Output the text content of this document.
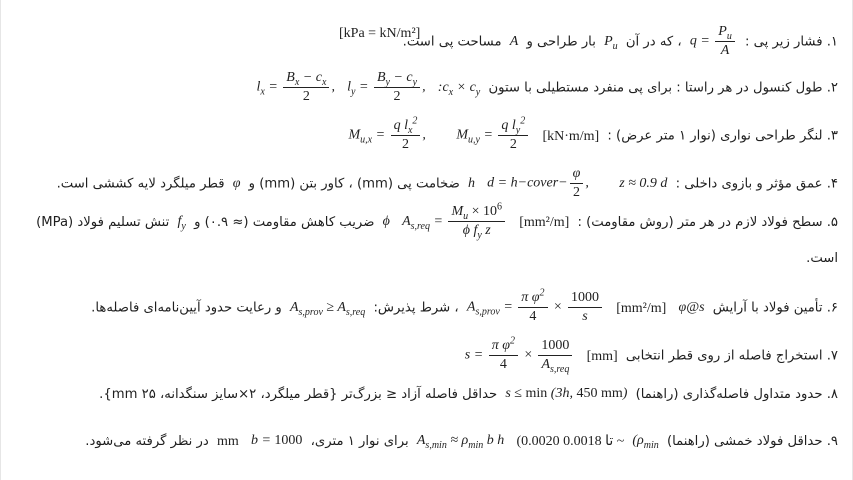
۱. فشار زیر پی : $q = \frac{P_u}{A}$
، که در آن $P_u$ بار طراحی و A مساحت پی است.
[kPa = kN/m²]
۲. طول کنسول در هر راستا : برای پی منفرد مستطیلی با ستون $:c_x \times c_y$ $l_y = \frac{B_y - c_y}{2}$ , $l_x = \frac{B_x - c_x}{2}$ ,
۳. لنگر طراحی نواری (نوار ۱ متر عرض) : [kN·m/m] $M_{u,y} = \frac{q l_y^2}{2}$
$M_{u,x} = \frac{q l_x^2}{2}$ ,
۴. عمق مؤثر و بازوی داخلی : z ≈ 0.9 d  d = h−cover− $\frac{\varphi}{2}$ , h ضخامت پی (mm) ، کاور بتن (mm) و φ قطر میلگرد لایه کششی است.
۵. سطح فولاد لازم در هر متر (روش مقاومت) : [mm²/m] $A_{s,req} = \frac{M_u \times 10^6}{\phi f_y z}$
ϕ ضریب کاهش مقاومت (≈ ۰.۹) و $f_y$ تنش تسلیم فولاد (MPa) است.
۶. تأمین فولاد با آرایش φ@s [mm²/m] $A_{s,prov} = \frac{\pi \varphi^2}{4} \times \frac{1000}{s}$
، شرط پذیرش: $A_{s,prov} \ge A_{s,req}$ و رعایت حدود آیین‌نامه‌ای فاصله‌ها.
۷. استخراج فاصله از روی قطر انتخابی [mm] $s = \frac{\pi \varphi^2}{4} \times \frac{1000}{A_{s,req}}$
۸. حدود متداول فاصله‌گذاری (راهنما) s ≤ min (3h, 450 mm) حداقل فاصله آزاد ≤ بزرگ‌تر {قطر میلگرد، ۲×سایز سنگدانه، mm ۲۵}.
۹. حداقل فولاد خمشی (راهنما) ($\rho_{min}(0.0020$ تا 0.0018 ~ $A_{s,min} \approx \rho_{min}$ b h برای نوار ۱ متری، b = 1000 mm در نظر گرفته می‌شود.
